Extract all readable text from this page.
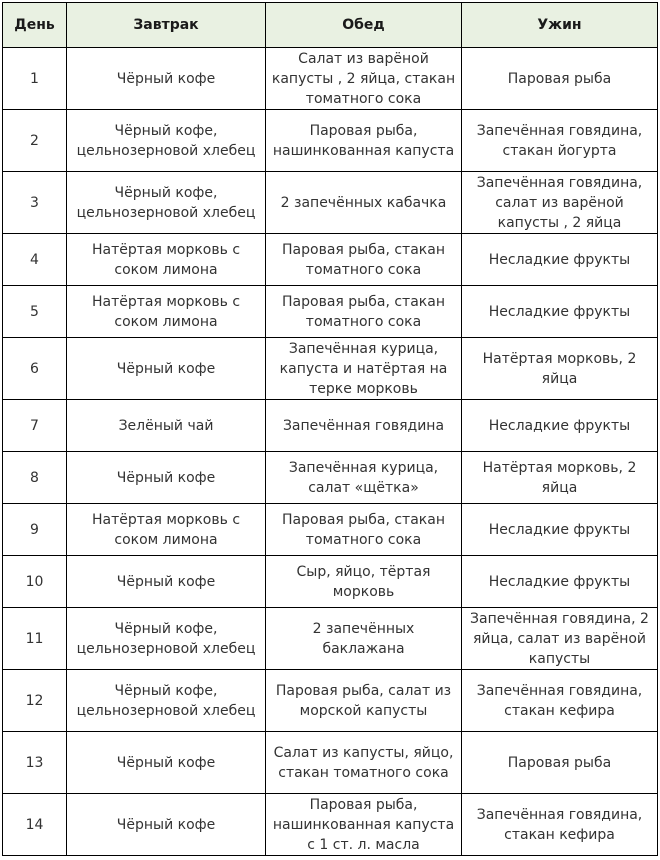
День	Завтрак	Обед	Ужин
1	Чёрный кофе	Салат из варёной капусты , 2 яйца, стакан томатного сока	Паровая рыба
2	Чёрный кофе, цельнозерновой хлебец	Паровая рыба, нашинкованная капуста	Запечённая говядина, стакан йогурта
3	Чёрный кофе, цельнозерновой хлебец	2 запечённых кабачка	Запечённая говядина, салат из варёной капусты , 2 яйца
4	Натёртая морковь с соком лимона	Паровая рыба, стакан томатного сока	Несладкие фрукты
5	Натёртая морковь с соком лимона	Паровая рыба, стакан томатного сока	Несладкие фрукты
6	Чёрный кофе	Запечённая курица, капуста и натёртая на терке морковь	Натёртая морковь, 2 яйца
7	Зелёный чай	Запечённая говядина	Несладкие фрукты
8	Чёрный кофе	Запечённая курица, салат «щётка»	Натёртая морковь, 2 яйца
9	Натёртая морковь с соком лимона	Паровая рыба, стакан томатного сока	Несладкие фрукты
10	Чёрный кофе	Сыр, яйцо, тёртая морковь	Несладкие фрукты
11	Чёрный кофе, цельнозерновой хлебец	2 запечённых баклажана	Запечённая говядина, 2 яйца, салат из варёной капусты
12	Чёрный кофе, цельнозерновой хлебец	Паровая рыба, салат из морской капусты	Запечённая говядина, стакан кефира
13	Чёрный кофе	Салат из капусты, яйцо, стакан томатного сока	Паровая рыба
14	Чёрный кофе	Паровая рыба, нашинкованная капуста с 1 ст. л. масла	Запечённая говядина, стакан кефира
